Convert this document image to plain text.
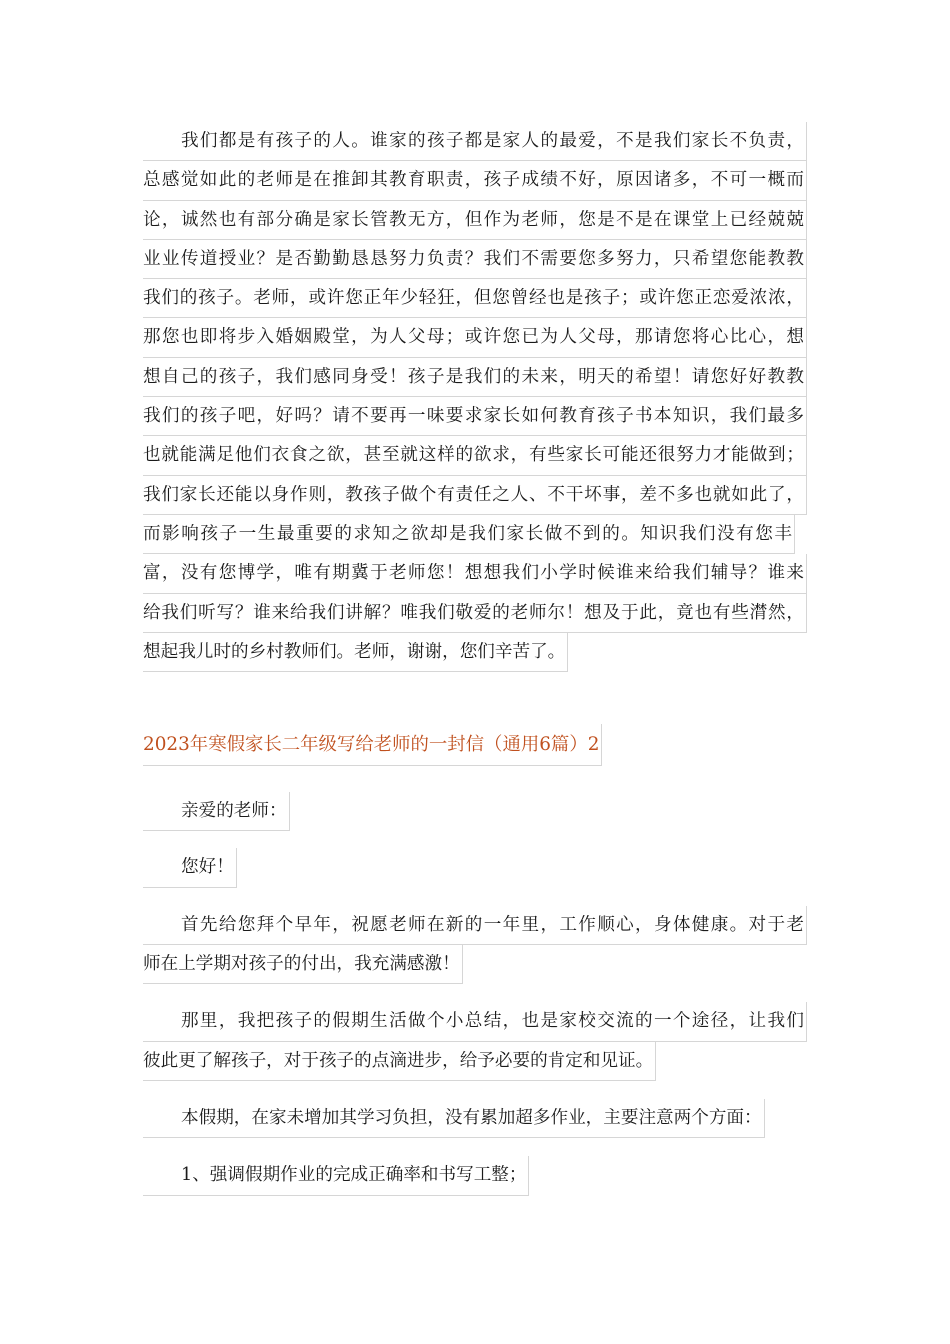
我们都是有孩子的人。谁家的孩子都是家人的最爱，不是我们家长不负责，
总感觉如此的老师是在推卸其教育职责，孩子成绩不好，原因诸多，不可一概而
论，诚然也有部分确是家长管教无方，但作为老师，您是不是在课堂上已经兢兢
业业传道授业？是否勤勤恳恳努力负责？我们不需要您多努力，只希望您能教教
我们的孩子。老师，或许您正年少轻狂，但您曾经也是孩子；或许您正恋爱浓浓，
那您也即将步入婚姻殿堂，为人父母；或许您已为人父母，那请您将心比心，想
想自己的孩子，我们感同身受！孩子是我们的未来，明天的希望！请您好好教教
我们的孩子吧，好吗？请不要再一味要求家长如何教育孩子书本知识，我们最多
也就能满足他们衣食之欲，甚至就这样的欲求，有些家长可能还很努力才能做到；
我们家长还能以身作则，教孩子做个有责任之人、不干坏事，差不多也就如此了，
而影响孩子一生最重要的求知之欲却是我们家长做不到的。知识我们没有您丰
富，没有您博学，唯有期冀于老师您！想想我们小学时候谁来给我们辅导？谁来
给我们听写？谁来给我们讲解？唯我们敬爱的老师尔！想及于此，竟也有些潸然，
想起我儿时的乡村教师们。老师，谢谢，您们辛苦了。
2023年寒假家长二年级写给老师的一封信（通用6篇）2
亲爱的老师：
您好！
首先给您拜个早年，祝愿老师在新的一年里，工作顺心，身体健康。对于老
师在上学期对孩子的付出，我充满感激！
那里，我把孩子的假期生活做个小总结，也是家校交流的一个途径，让我们
彼此更了解孩子，对于孩子的点滴进步，给予必要的肯定和见证。
本假期，在家未增加其学习负担，没有累加超多作业，主要注意两个方面：
1、强调假期作业的完成正确率和书写工整；
